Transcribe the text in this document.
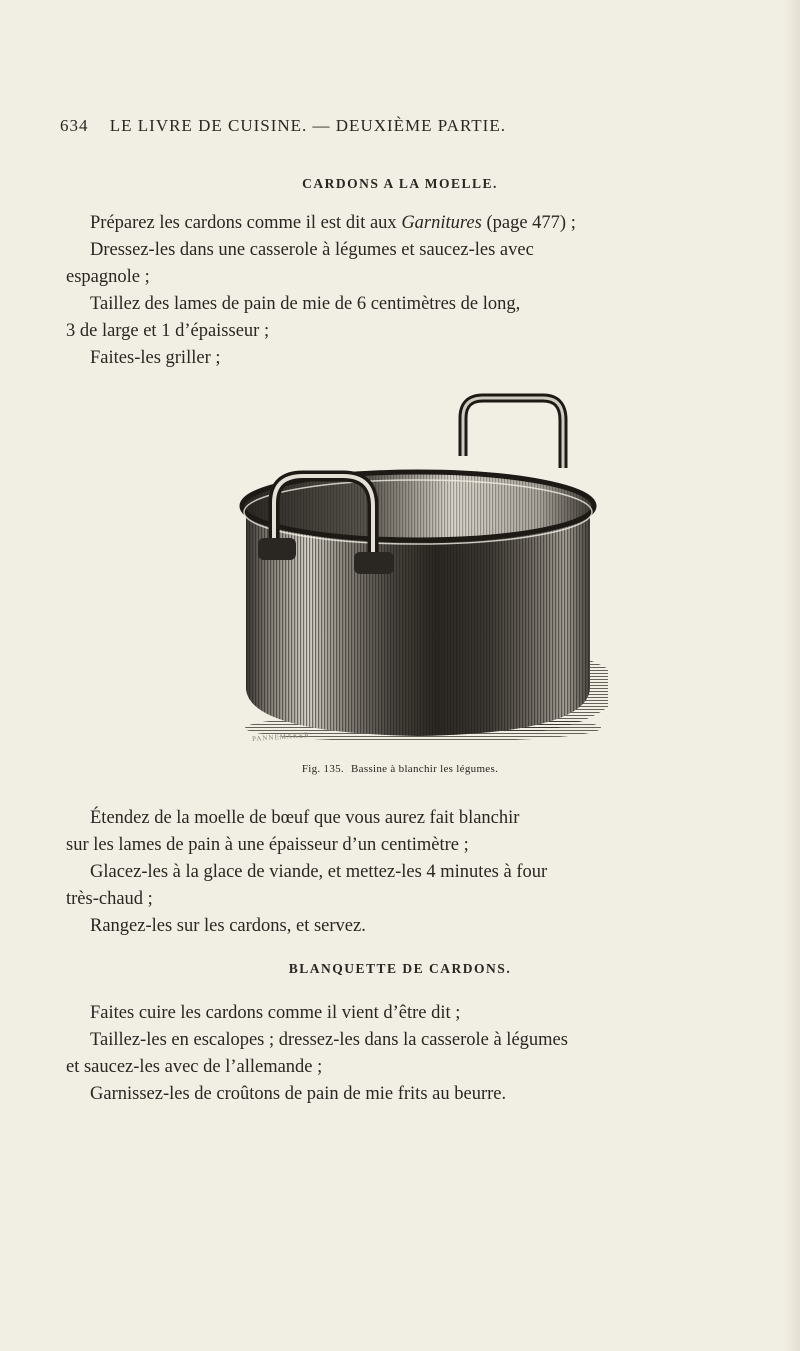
634 LE LIVRE DE CUISINE. — DEUXIÈME PARTIE.
CARDONS A LA MOELLE.

Préparez les cardons comme il est dit aux Garnitures (page 477) ;

Dressez-les dans une casserole à légumes et saucez-les avec

espagnole ;

Taillez des lames de pain de mie de 6 centimètres de long,

3 de large et 1 d’épaisseur ;

Faites-les griller ;

PANNEMAKER
Fig. 135. Bassine à blanchir les légumes.

Étendez de la moelle de bœuf que vous aurez fait blanchir

sur les lames de pain à une épaisseur d’un centimètre ;

Glacez-les à la glace de viande, et mettez-les 4 minutes à four

très-chaud ;

Rangez-les sur les cardons, et servez.

BLANQUETTE DE CARDONS.

Faites cuire les cardons comme il vient d’être dit ;

Taillez-les en escalopes ; dressez-les dans la casserole à légumes

et saucez-les avec de l’allemande ;

Garnissez-les de croûtons de pain de mie frits au beurre.
